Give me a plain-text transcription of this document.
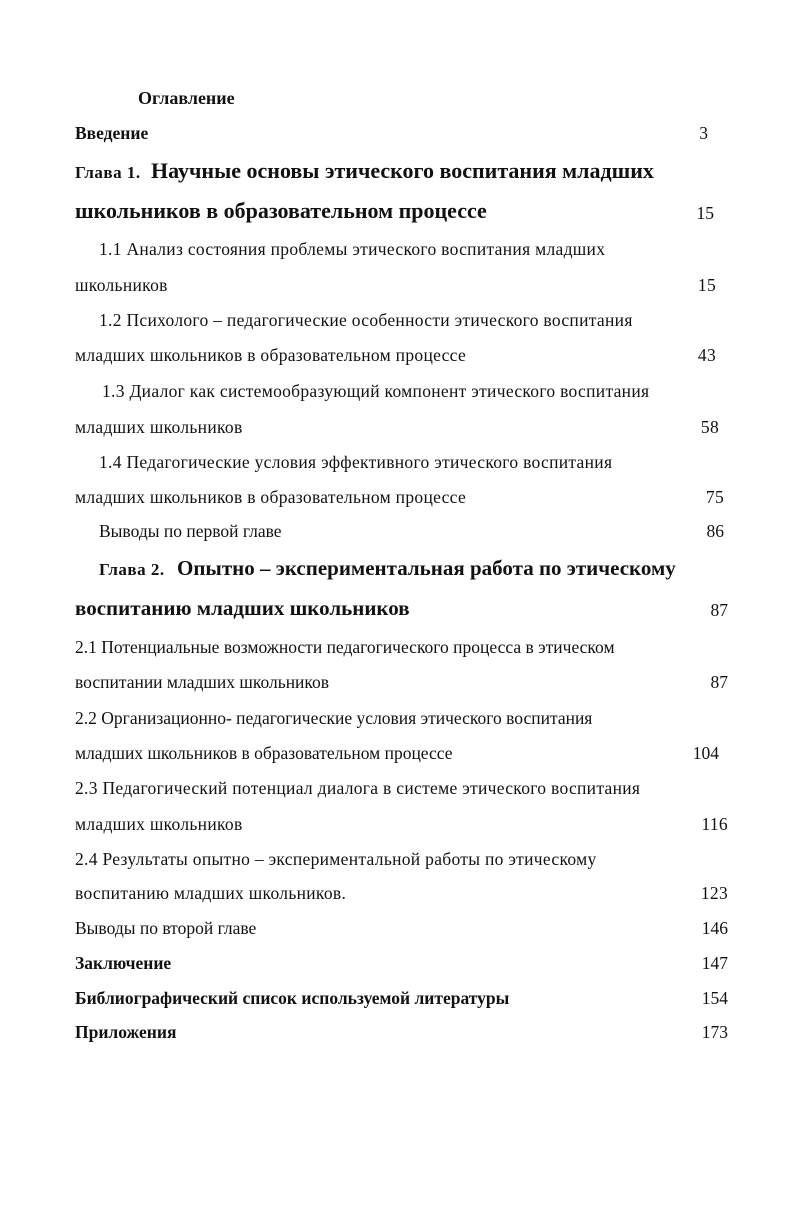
Оглавление
Введение	3
Глава 1. Научные основы этического воспитания младших
школьников в образовательном процессе	15
1.1 Анализ состояния проблемы этического воспитания младших
школьников	15
1.2 Психолого – педагогические особенности этического воспитания
младших школьников в образовательном процессе	43
1.3 Диалог как системообразующий компонент этического воспитания
младших школьников	58
1.4 Педагогические условия эффективного этического воспитания
младших школьников в образовательном процессе	75
Выводы по первой главе	86
Глава 2. Опытно – экспериментальная работа по этическому
воспитанию младших школьников	87
2.1 Потенциальные возможности педагогического процесса в этическом
воспитании младших школьников	87
2.2 Организационно- педагогические условия этического воспитания
младших школьников в образовательном процессе	104
2.3 Педагогический потенциал диалога в системе этического воспитания
младших школьников	116
2.4 Результаты опытно – экспериментальной работы по этическому
воспитанию младших школьников.	123
Выводы по второй главе	146
Заключение	147
Библиографический список используемой литературы	154
Приложения	173
